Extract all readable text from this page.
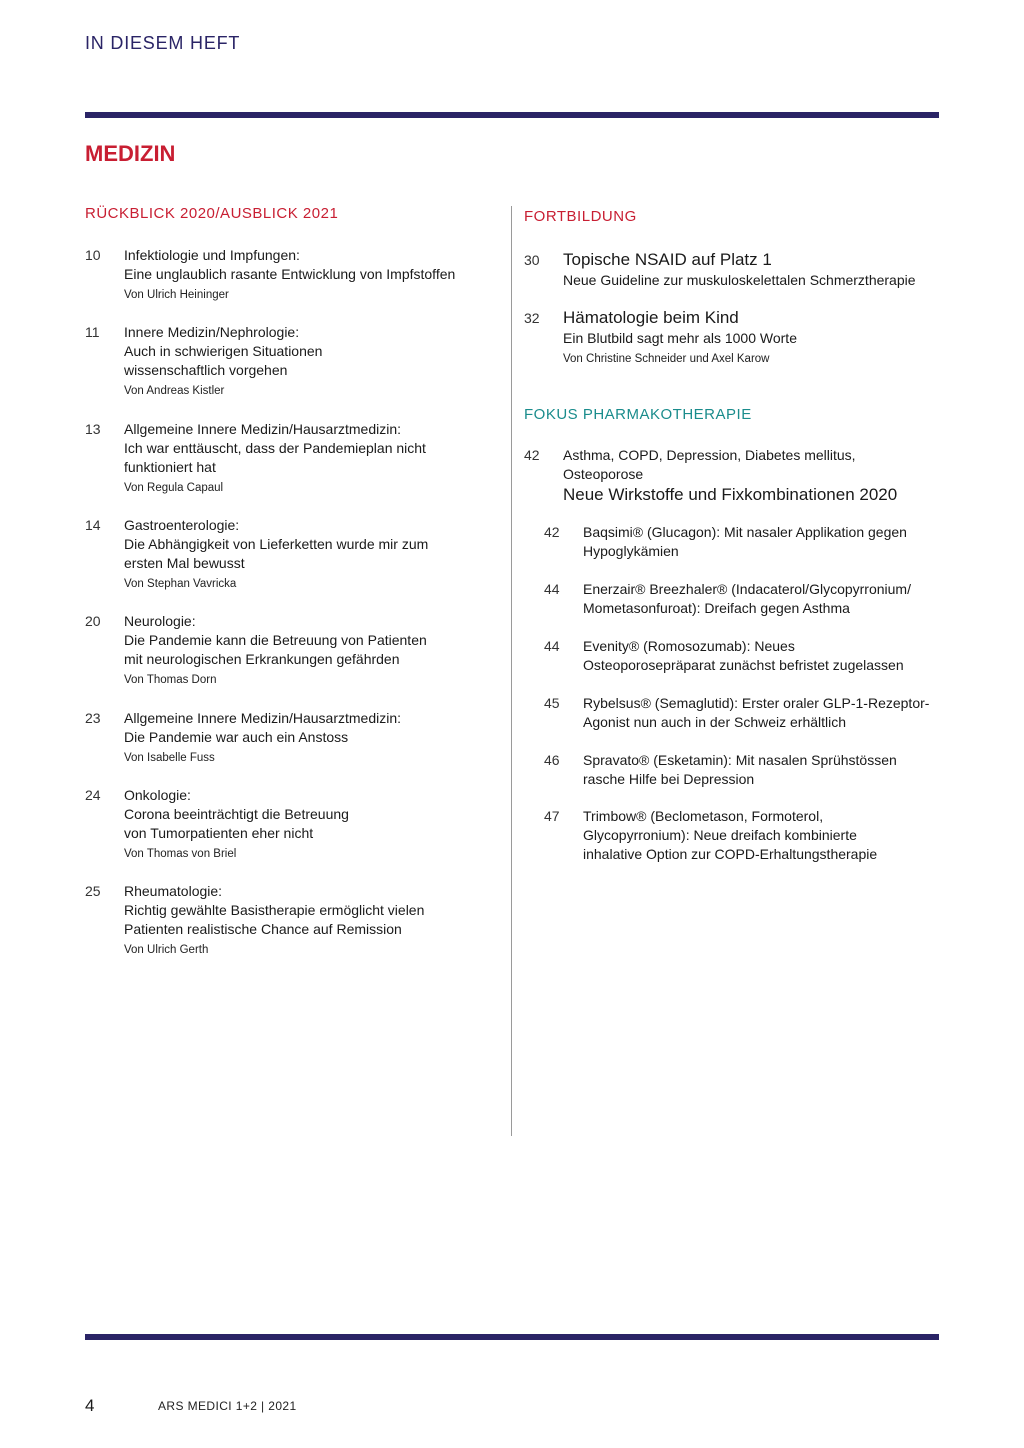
IN DIESEM HEFT
MEDIZIN
RÜCKBLICK 2020/AUSBLICK 2021
10 Infektiologie und Impfungen:
Eine unglaublich rasante Entwicklung von Impfstoffen
Von Ulrich Heininger
11 Innere Medizin/Nephrologie:
Auch in schwierigen Situationen
wissenschaftlich vorgehen
Von Andreas Kistler
13 Allgemeine Innere Medizin/Hausarztmedizin:
Ich war enttäuscht, dass der Pandemieplan nicht
funktioniert hat
Von Regula Capaul
14 Gastroenterologie:
Die Abhängigkeit von Lieferketten wurde mir zum
ersten Mal bewusst
Von Stephan Vavricka
20 Neurologie:
Die Pandemie kann die Betreuung von Patienten
mit neurologischen Erkrankungen gefährden
Von Thomas Dorn
23 Allgemeine Innere Medizin/Hausarztmedizin:
Die Pandemie war auch ein Anstoss
Von Isabelle Fuss
24 Onkologie:
Corona beeinträchtigt die Betreuung
von Tumorpatienten eher nicht
Von Thomas von Briel
25 Rheumatologie:
Richtig gewählte Basistherapie ermöglicht vielen
Patienten realistische Chance auf Remission
Von Ulrich Gerth
FORTBILDUNG
30 Topische NSAID auf Platz 1
Neue Guideline zur muskuloskelettalen Schmerztherapie
32 Hämatologie beim Kind
Ein Blutbild sagt mehr als 1000 Worte
Von Christine Schneider und Axel Karow
FOKUS PHARMAKOTHERAPIE
42 Asthma, COPD, Depression, Diabetes mellitus,
Osteoporose
Neue Wirkstoffe und Fixkombinationen 2020
42 Baqsimi® (Glucagon): Mit nasaler Applikation gegen
Hypoglykämien
44 Enerzair® Breezhaler® (Indacaterol/Glycopyrronium/
Mometasonfuroat): Dreifach gegen Asthma
44 Evenity® (Romosozumab): Neues
Osteoporosepräparat zunächst befristet zugelassen
45 Rybelsus® (Semaglutid): Erster oraler GLP-1-Rezeptor-
Agonist nun auch in der Schweiz erhältlich
46 Spravato® (Esketamin): Mit nasalen Sprühstössen
rasche Hilfe bei Depression
47 Trimbow® (Beclometason, Formoterol,
Glycopyrronium): Neue dreifach kombinierte
inhalative Option zur COPD-Erhaltungstherapie
4	ARS MEDICI 1+2 | 2021
